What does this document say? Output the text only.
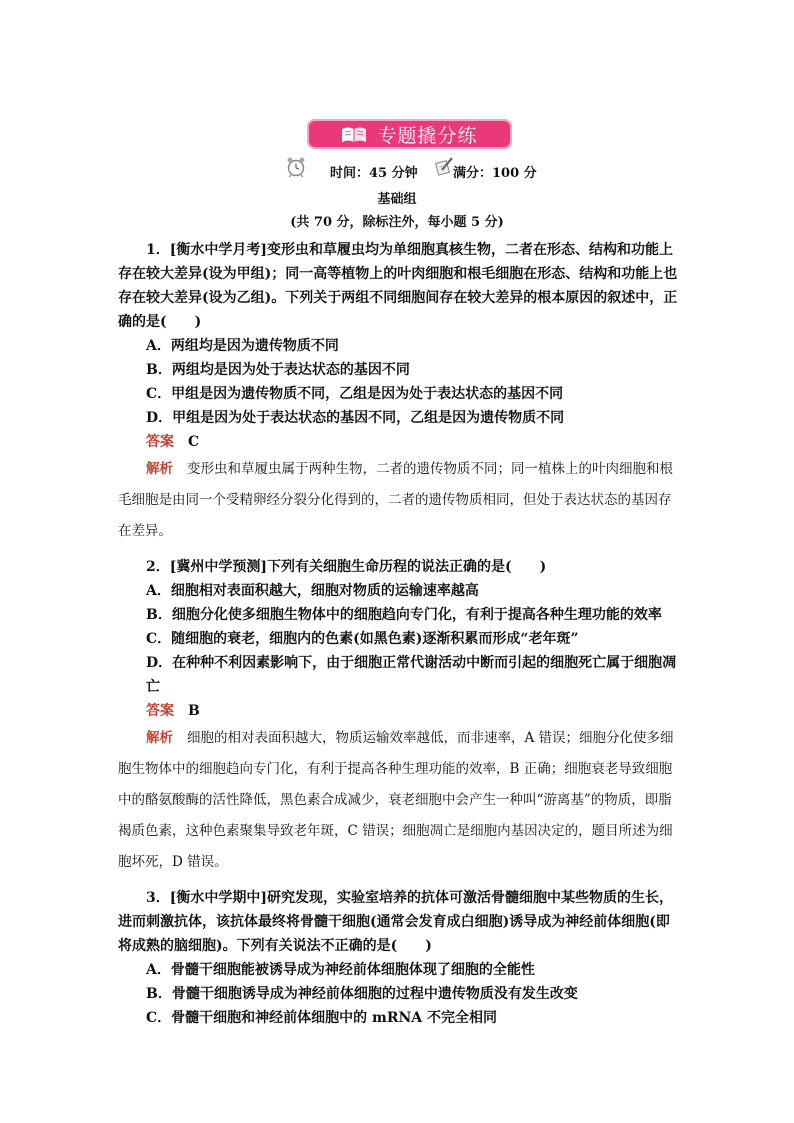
专题撬分练
时间：45 分钟	满分：100 分
基础组
(共 70 分，除标注外，每小题 5 分)

1．[衡水中学月考]变形虫和草履虫均为单细胞真核生物，二者在形态、结构和功能上存在较大差异(设为甲组)；同一高等植物上的叶肉细胞和根毛细胞在形态、结构和功能上也存在较大差异(设为乙组)。下列关于两组不同细胞间存在较大差异的根本原因的叙述中，正确的是(　　)

A．两组均是因为遗传物质不同

B．两组均是因为处于表达状态的基因不同

C．甲组是因为遗传物质不同，乙组是因为处于表达状态的基因不同

D．甲组是因为处于表达状态的基因不同，乙组是因为遗传物质不同

答案 C

解析 变形虫和草履虫属于两种生物，二者的遗传物质不同；同一植株上的叶肉细胞和根毛细胞是由同一个受精卵经分裂分化得到的，二者的遗传物质相同，但处于表达状态的基因存在差异。

2．[冀州中学预测]下列有关细胞生命历程的说法正确的是(　　)

A．细胞相对表面积越大，细胞对物质的运输速率越高

B．细胞分化使多细胞生物体中的细胞趋向专门化，有利于提高各种生理功能的效率

C．随细胞的衰老，细胞内的色素(如黑色素)逐渐积累而形成“老年斑”

D．在种种不利因素影响下，由于细胞正常代谢活动中断而引起的细胞死亡属于细胞凋亡

答案 B

解析 细胞的相对表面积越大，物质运输效率越低，而非速率，A 错误；细胞分化使多细胞生物体中的细胞趋向专门化，有利于提高各种生理功能的效率，B 正确；细胞衰老导致细胞中的酪氨酸酶的活性降低，黑色素合成减少，衰老细胞中会产生一种叫“游离基”的物质，即脂褐质色素，这种色素聚集导致老年斑，C 错误；细胞凋亡是细胞内基因决定的，题目所述为细胞坏死，D 错误。

3．[衡水中学期中]研究发现，实验室培养的抗体可激活骨髓细胞中某些物质的生长，进而刺激抗体，该抗体最终将骨髓干细胞(通常会发育成白细胞)诱导成为神经前体细胞(即将成熟的脑细胞)。下列有关说法不正确的是(　　)

A．骨髓干细胞能被诱导成为神经前体细胞体现了细胞的全能性

B．骨髓干细胞诱导成为神经前体细胞的过程中遗传物质没有发生改变

C．骨髓干细胞和神经前体细胞中的 mRNA 不完全相同
